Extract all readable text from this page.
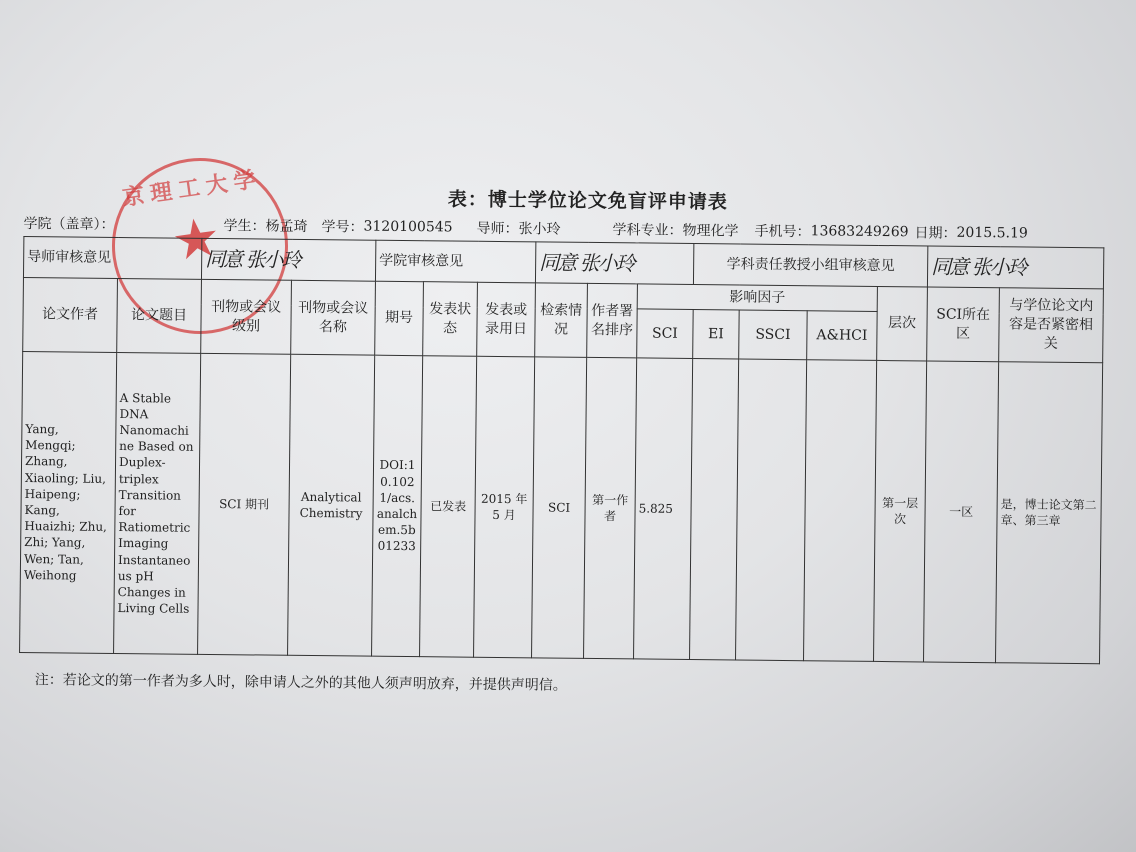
京理工大学
★
表：博士学位论文免盲评申请表
学院（盖章）：	学生： 杨孟琦 学号： 3120100545 导师： 张小玲	学科专业： 物理化学 手机号： 13683249269 日期： 2015.5.19
导师审核意见		同意 张小玲		学院审核意见			同意 张小玲			学科责任教授小组审核意见				同意 张小玲	
论文作者	论文题目	刊物或会议级别	刊物或会议名称	期号	发表状态	发表或录用日	检索情况	作者署名排序	影响因子				层次	SCI所在区	与学位论文内容是否紧密相关
									SCI	EI	SSCI	A&HCI			
Yang, Mengqi; Zhang, Xiaoling; Liu, Haipeng; Kang, Huaizhi; Zhu, Zhi; Yang, Wen; Tan, Weihong	A Stable DNA Nanomachine Based on Duplex-triplex Transition for Ratiometric Imaging Instantaneous pH Changes in Living Cells	SCI 期刊	Analytical Chemistry	DOI:10.1021/acs.analchem.5b01233	已发表	2015 年 5 月	SCI	第一作者	5.825				第一层次	一区	是，博士论文第二章、第三章
注：若论文的第一作者为多人时，除申请人之外的其他人须声明放弃，并提供声明信。
